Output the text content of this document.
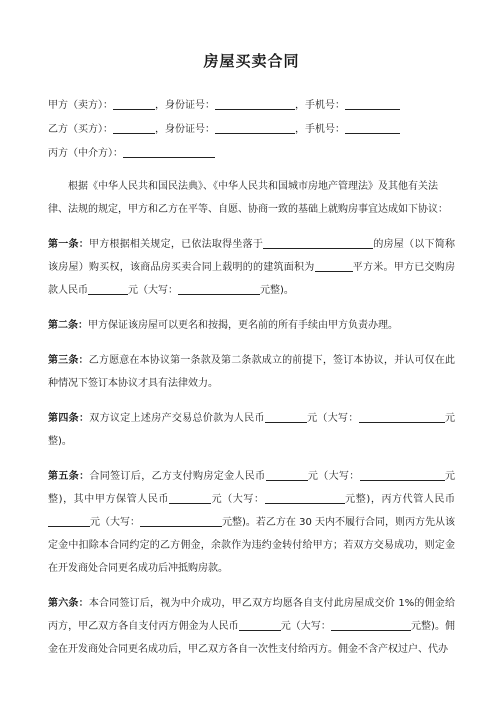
房屋买卖合同
甲方（卖方）：	，身份证号：	，手机号：
乙方（买方）：	，身份证号：	，手机号：
丙方（中介方）：
根据《中华人民共和国民法典》、《中华人民共和国城市房地产管理法》及其他有关法律、法规的规定，甲方和乙方在平等、自愿、协商一致的基础上就购房事宜达成如下协议：
第一条：甲方根据相关规定，已依法取得坐落于	的房屋（以下简称该房屋）购买权，该商品房买卖合同上载明的的建筑面积为	平方米。甲方已交购房款人民币	元（大写：	元整)。
第二条：甲方保证该房屋可以更名和按揭，更名前的所有手续由甲方负责办理。
第三条：乙方愿意在本协议第一条款及第二条款成立的前提下，签订本协议，并认可仅在此种情况下签订本协议才具有法律效力。
第四条：双方议定上述房产交易总价款为人民币	元（大写：	元整)。
第五条：合同签订后，乙方支付购房定金人民币	元（大写：	元整)，其中甲方保管人民币	元（大写：	元整)，丙方代管人民币元（大写：	元整)。若乙方在 30 天内不履行合同，则丙方先从该定金中扣除本合同约定的乙方佣金，余款作为违约金转付给甲方；若双方交易成功，则定金在开发商处合同更名成功后冲抵购房款。
第六条：本合同签订后，视为中介成功，甲乙双方均愿各自支付此房屋成交价 1%的佣金给丙方，甲乙双方各自支付丙方佣金为人民币	元（大写：	元整)。佣金在开发商处合同更名成功后，甲乙双方各自一次性支付给丙方。佣金不含产权过户、代办
